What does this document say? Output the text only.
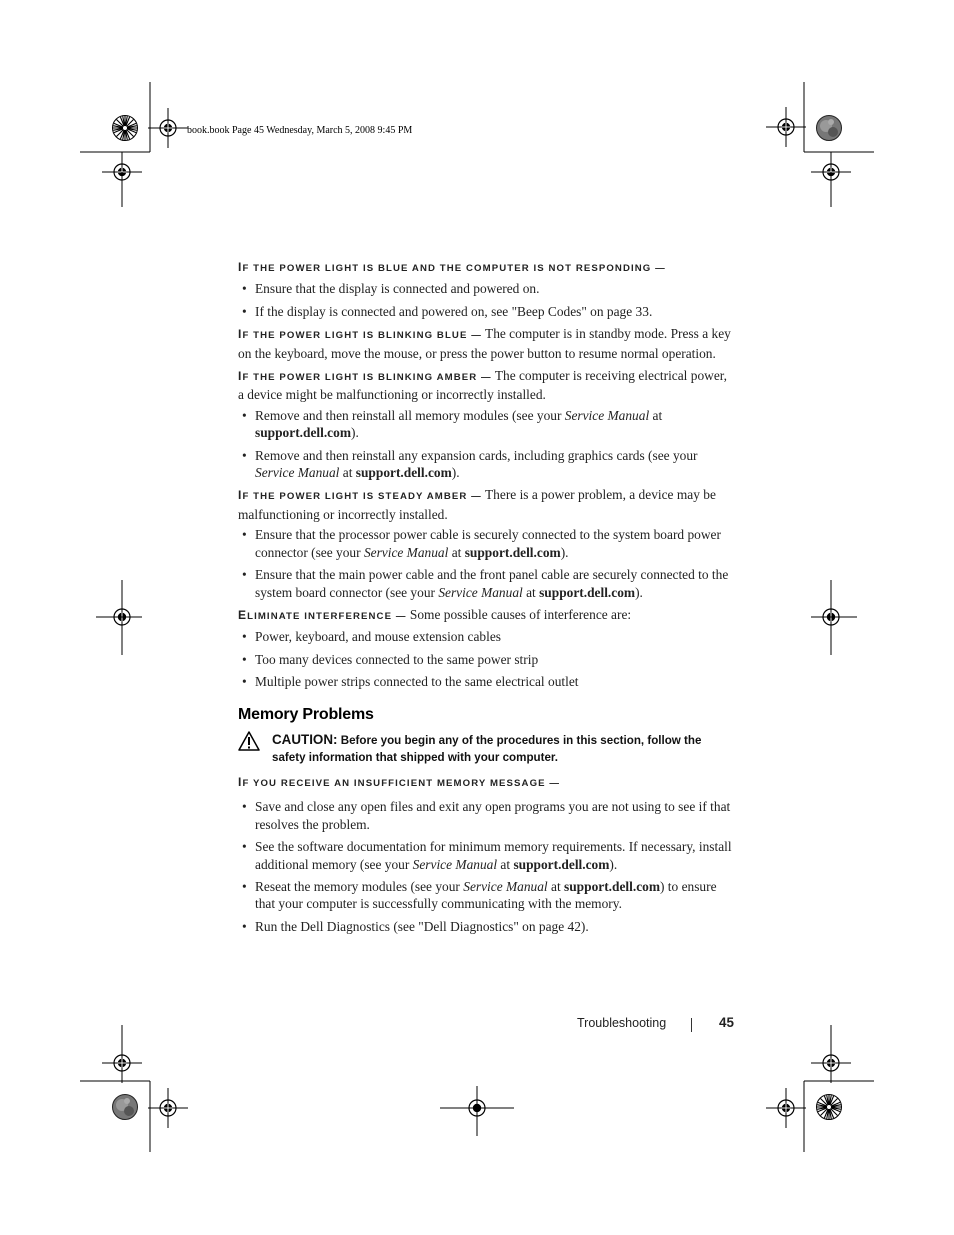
book.book Page 45 Wednesday, March 5, 2008 9:45 PM

IF THE POWER LIGHT IS BLUE AND THE COMPUTER IS NOT RESPONDING —

• Ensure that the display is connected and powered on.
• If the display is connected and powered on, see "Beep Codes" on page 33.

IF THE POWER LIGHT IS BLINKING BLUE — The computer is in standby mode. Press a key on the keyboard, move the mouse, or press the power button to resume normal operation.

IF THE POWER LIGHT IS BLINKING AMBER — The computer is receiving electrical power, a device might be malfunctioning or incorrectly installed.

• Remove and then reinstall all memory modules (see your Service Manual at support.dell.com).
• Remove and then reinstall any expansion cards, including graphics cards (see your Service Manual at support.dell.com).

IF THE POWER LIGHT IS STEADY AMBER — There is a power problem, a device may be malfunctioning or incorrectly installed.

• Ensure that the processor power cable is securely connected to the system board power connector (see your Service Manual at support.dell.com).
• Ensure that the main power cable and the front panel cable are securely connected to the system board connector (see your Service Manual at support.dell.com).

ELIMINATE INTERFERENCE — Some possible causes of interference are:

• Power, keyboard, and mouse extension cables
• Too many devices connected to the same power strip
• Multiple power strips connected to the same electrical outlet
Memory Problems
CAUTION: Before you begin any of the procedures in this section, follow the safety information that shipped with your computer.

IF YOU RECEIVE AN INSUFFICIENT MEMORY MESSAGE —

• Save and close any open files and exit any open programs you are not using to see if that resolves the problem.
• See the software documentation for minimum memory requirements. If necessary, install additional memory (see your Service Manual at support.dell.com).
• Reseat the memory modules (see your Service Manual at support.dell.com) to ensure that your computer is successfully communicating with the memory.
• Run the Dell Diagnostics (see "Dell Diagnostics" on page 42).
Troubleshooting	45
